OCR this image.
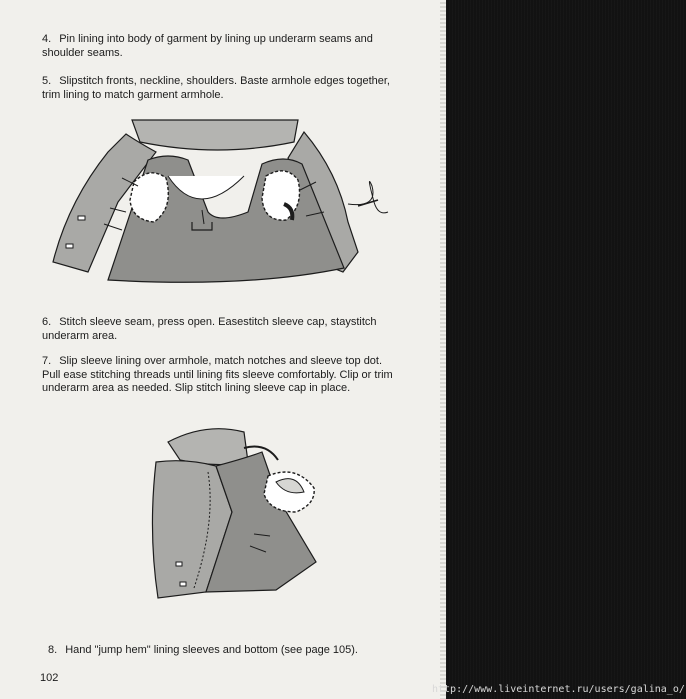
4. Pin lining into body of garment by lining up underarm seams and shoulder seams.

5. Slipstitch fronts, neckline, shoulders. Baste armhole edges together, trim lining to match garment armhole.

6. Stitch sleeve seam, press open. Easestitch sleeve cap, staystitch underarm area.

7. Slip sleeve lining over armhole, match notches and sleeve top dot. Pull ease stitching threads until lining fits sleeve comfortably. Clip or trim underarm area as needed. Slip stitch lining sleeve cap in place.

8. Hand "jump hem" lining sleeves and bottom (see page 105).

102

http://www.liveinternet.ru/users/galina_o/
